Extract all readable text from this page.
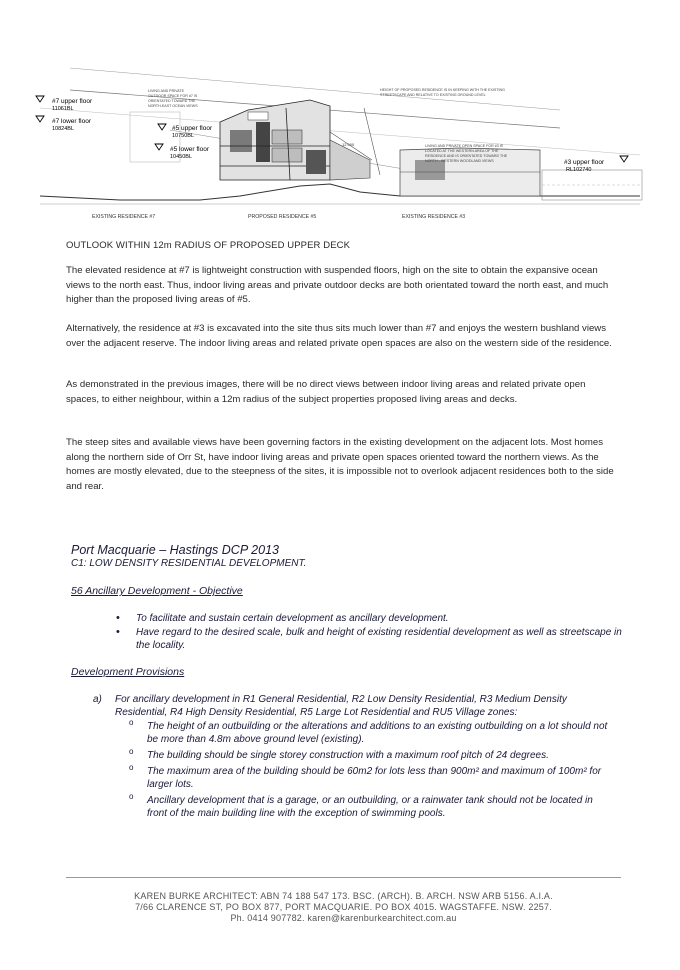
#7 upper floor
11061BL
#7 lower floor
10824BL	#5 upper floor
10750BL
#5 lower floor
10450BL
#3 upper floor
RL102740
LIVING AND PRIVATE
OUTDOOR SPACE FOR #7 IS
ORIENTATED TOWARD THE
NORTH-EAST OCEAN VIEWS
HEIGHT OF PROPOSED RESIDENCE IS IN KEEPING WITH THE EXISTING
STREETSCAPE AND RELATIVE TO EXISTING GROUND LEVEL
LIVING AND PRIVATE OPEN SPACE FOR #3 IS
LOCATED AT THE WESTERN AREA OF THE
RESIDENCE AND IS ORIENTATED TOWARD THE
NORTH - WESTERN WOODLAND VIEWS
12 000
EXISTING RESIDENCE #7	PROPOSED RESIDENCE #5	EXISTING RESIDENCE #3
OUTLOOK WITHIN 12m RADIUS OF PROPOSED UPPER DECK
The elevated residence at #7 is lightweight construction with suspended floors, high on the site to obtain the expansive ocean views to the north east. Thus, indoor living areas and private outdoor decks are both orientated toward the north east, and much higher than the proposed living areas of #5.
Alternatively, the residence at #3 is excavated into the site thus sits much lower than #7 and enjoys the western bushland views over the adjacent reserve. The indoor living areas and related private open spaces are also on the western side of the residence.
As demonstrated in the previous images, there will be no direct views between indoor living areas and related private open spaces, to either neighbour, within a 12m radius of the subject properties proposed living areas and decks.
The steep sites and available views have been governing factors in the existing development on the adjacent lots. Most homes along the northern side of Orr St, have indoor living areas and private open spaces oriented toward the northern views. As the homes are mostly elevated, due to the steepness of the sites, it is impossible not to overlook adjacent residences both to the side and rear.
Port Macquarie – Hastings DCP 2013
C1: LOW DENSITY RESIDENTIAL DEVELOPMENT.
56 Ancillary Development - Objective
• To facilitate and sustain certain development as ancillary development.
• Have regard to the desired scale, bulk and height of existing residential development as well as streetscape in the locality.
Development Provisions
a) For ancillary development in R1 General Residential, R2 Low Density Residential, R3 Medium Density Residential, R4 High Density Residential, R5 Large Lot Residential and RU5 Village zones:
o The height of an outbuilding or the alterations and additions to an existing outbuilding on a lot should not be more than 4.8m above ground level (existing).
o The building should be single storey construction with a maximum roof pitch of 24 degrees.
o The maximum area of the building should be 60m2 for lots less than 900m² and maximum of 100m² for larger lots.
o Ancillary development that is a garage, or an outbuilding, or a rainwater tank should not be located in front of the main building line with the exception of swimming pools.
KAREN BURKE ARCHITECT: ABN 74 188 547 173. BSC. (ARCH). B. ARCH. NSW ARB 5156. A.I.A.
7/66 CLARENCE ST, PO BOX 877, PORT MACQUARIE. PO BOX 4015. WAGSTAFFE. NSW. 2257.
Ph. 0414 907782. karen@karenburkearchitect.com.au
